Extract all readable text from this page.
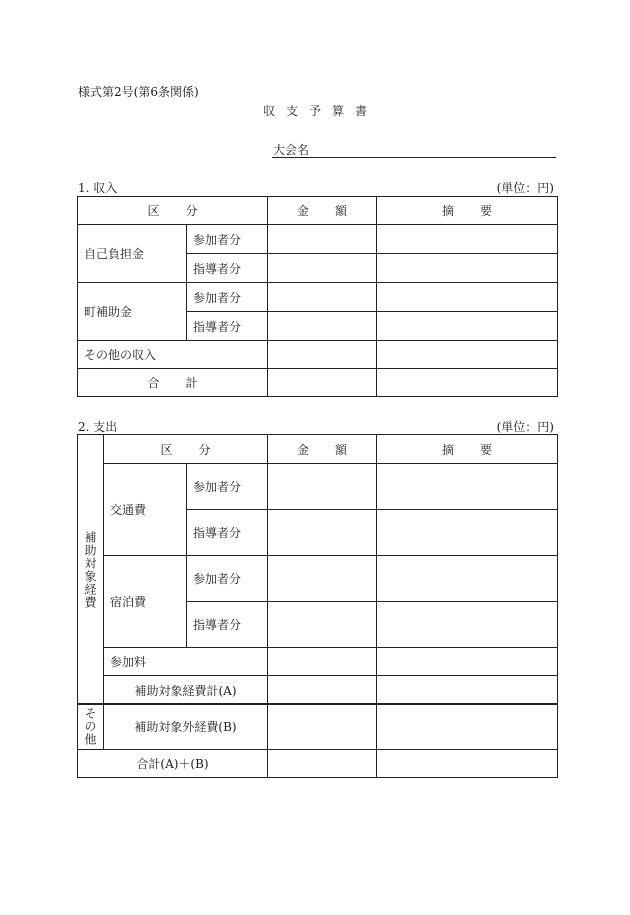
様式第2号(第6条関係)
収支予算書
大会名
1. 収入	(単位：円)
区分		金額	摘要
自己負担金	参加者分		
	指導者分		
町補助金	参加者分		
	指導者分		
その他の収入			
合計			
2. 支出	(単位：円)
補助対象経費	区分		金額	摘要
	交通費	参加者分		
		指導者分		
	宿泊費	参加者分		
		指導者分		
	参加料			
	補助対象経費計(A)			
その他	補助対象外経費(B)		
合計(A)＋(B)			
